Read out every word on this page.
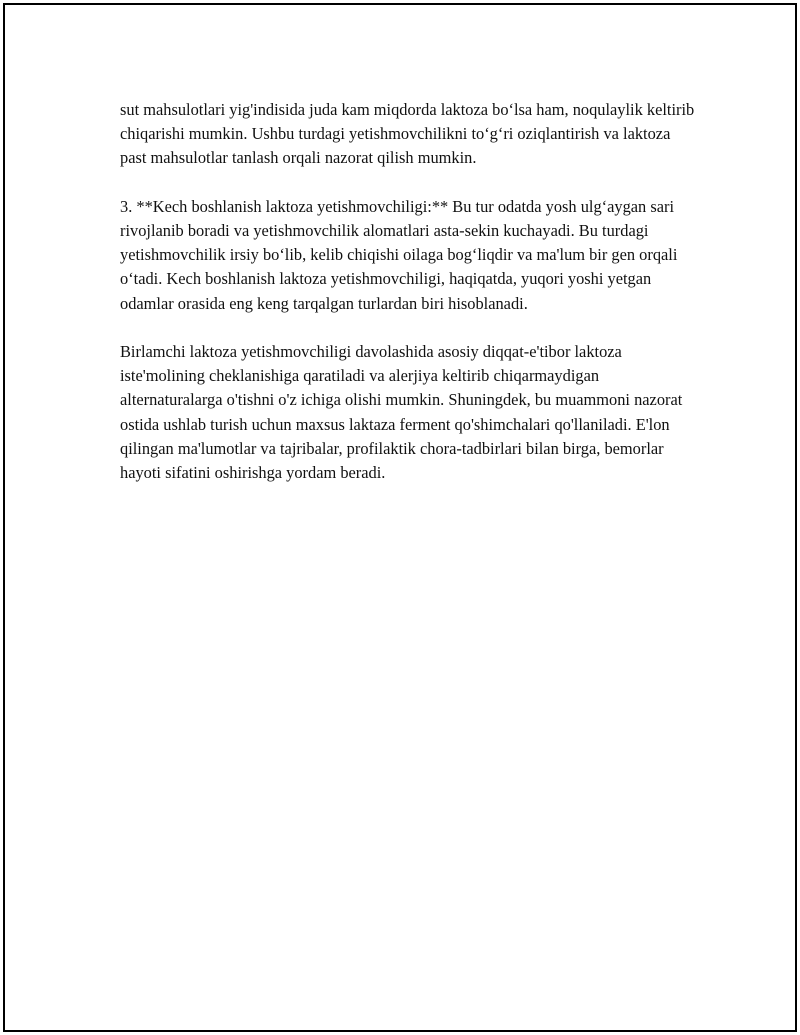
sut mahsulotlari yig'indisida juda kam miqdorda laktoza bo‘lsa ham, noqulaylik keltirib chiqarishi mumkin. Ushbu turdagi yetishmovchilikni to‘g‘ri oziqlantirish va laktoza past mahsulotlar tanlash orqali nazorat qilish mumkin.

3. **Kech boshlanish laktoza yetishmovchiligi:** Bu tur odatda yosh ulg‘aygan sari rivojlanib boradi va yetishmovchilik alomatlari asta-sekin kuchayadi. Bu turdagi yetishmovchilik irsiy bo‘lib, kelib chiqishi oilaga bog‘liqdir va ma'lum bir gen orqali o‘tadi. Kech boshlanish laktoza yetishmovchiligi, haqiqatda, yuqori yoshi yetgan odamlar orasida eng keng tarqalgan turlardan biri hisoblanadi.

Birlamchi laktoza yetishmovchiligi davolashida asosiy diqqat-e'tibor laktoza iste'molining cheklanishiga qaratiladi va alerjiya keltirib chiqarmaydigan alternaturalarga o'tishni o'z ichiga olishi mumkin. Shuningdek, bu muammoni nazorat ostida ushlab turish uchun maxsus laktaza ferment qo'shimchalari qo'llaniladi. E'lon qilingan ma'lumotlar va tajribalar, profilaktik chora-tadbirlari bilan birga, bemorlar hayoti sifatini oshirishga yordam beradi.
